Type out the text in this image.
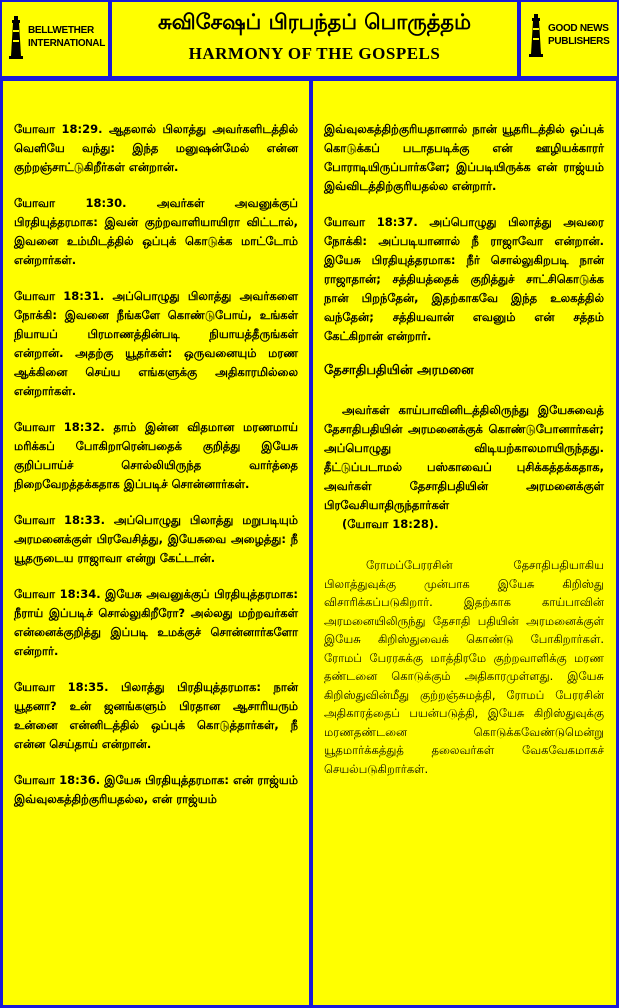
BELLWETHER
INTERNATIONAL
சுவிசேஷப் பிரபந்தப் பொருத்தம்
HARMONY OF THE GOSPELS
GOOD NEWS
PUBLISHERS

யோவா 18:29. ஆதலால் பிலாத்து அவர்களிடத்தில் வெளியே வந்து: இந்த மனுஷன்மேல் என்ன குற்றஞ்சாட்டுகிறீர்கள் என்றான்.

யோவா 18:30. அவர்கள் அவனுக்குப் பிரதியுத்தரமாக: இவன் குற்றவாளியாயிரா விட்டால், இவனை உம்மிடத்தில் ஒப்புக் கொடுக்க மாட்டோம் என்றார்கள்.

யோவா 18:31. அப்பொழுது பிலாத்து அவர்களை நோக்கி: இவனை நீங்களே கொண்டுபோய், உங்கள் நியாயப் பிரமாணத்தின்படி நியாயத்தீருங்கள் என்றான். அதற்கு யூதர்கள்: ஒருவனையும் மரண ஆக்கினை செய்ய எங்களுக்கு அதிகாரமில்லை என்றார்கள்.

யோவா 18:32. தாம் இன்ன விதமான மரணமாய் மரிக்கப் போகிறாரென்பதைக் குறித்து இயேசு குறிப்பாய்ச் சொல்லியிருந்த வார்த்தை நிறைவேறத்தக்கதாக இப்படிச் சொன்னார்கள்.

யோவா 18:33. அப்பொழுது பிலாத்து மறுபடியும் அரமனைக்குள் பிரவேசித்து, இயேசுவை அழைத்து: நீ யூதருடைய ராஜாவா என்று கேட்டான்.

யோவா 18:34. இயேசு அவனுக்குப் பிரதியுத்தரமாக: நீராய் இப்படிச் சொல்லுகிறீரோ? அல்லது மற்றவர்கள் என்னைக்குறித்து இப்படி உமக்குச் சொன்னார்களோ என்றார்.

யோவா 18:35. பிலாத்து பிரதியுத்தரமாக: நான் யூதனா? உன் ஜனங்களும் பிரதான ஆசாரியரும் உன்னை என்னிடத்தில் ஒப்புக் கொடுத்தார்கள், நீ என்ன செய்தாய் என்றான்.

யோவா 18:36. இயேசு பிரதியுத்தரமாக: என் ராஜ்யம் இவ்வுலகத்திற்குரியதல்ல, என் ராஜ்யம்

இவ்வுலகத்திற்குரியதானால் நான் யூதரிடத்தில் ஒப்புக் கொடுக்கப் படாதபடிக்கு என் ஊழியக்காரர் போராடியிருப்பார்களே; இப்படியிருக்க என் ராஜ்யம் இவ்விடத்திற்குரியதல்ல என்றார்.

யோவா 18:37. அப்பொழுது பிலாத்து அவரை நோக்கி: அப்படியானால் நீ ராஜாவோ என்றான். இயேசு பிரதியுத்தரமாக: நீர் சொல்லுகிறபடி நான் ராஜாதான்; சத்தியத்தைக் குறித்துச் சாட்சிகொடுக்க நான் பிறந்தேன், இதற்காகவே இந்த உலகத்தில் வந்தேன்; சத்தியவான் எவனும் என் சத்தம் கேட்கிறான் என்றார்.

தேசாதிபதியின் அரமனை

அவர்கள் காய்பாவினிடத்திலிருந்து இயேசுவைத் தேசாதிபதியின் அரமனைக்குக் கொண்டுபோனார்கள்; அப்பொழுது விடியற்காலமாயிருந்தது. தீட்டுப்படாமல் பஸ்காவைப் புசிக்கத்தக்கதாக, அவர்கள் தேசாதிபதியின் அரமனைக்குள் பிரவேசியாதிருந்தார்கள்
(யோவா 18:28).

ரோமப்பேரரசின் தேசாதிபதியாகிய பிலாத்துவுக்கு முன்பாக இயேசு கிறிஸ்து விசாரிக்கப்படுகிறார். இதற்காக காய்பாவின் அரமனையிலிருந்து தேசாதி பதியின் அரமனைக்குள் இயேசு கிறிஸ்துவைக் கொண்டு போகிறார்கள். ரோமப் பேரரசுக்கு மாத்திரமே குற்றவாளிக்கு மரண தண்டனை கொடுக்கும் அதிகாரமுள்ளது. இயேசு கிறிஸ்துவின்மீது குற்றஞ்சுமத்தி, ரோமப் பேரரசின் அதிகாரத்தைப் பயன்படுத்தி, இயேசு கிறிஸ்துவுக்கு மரணதண்டனை கொடுக்கவேண்டுமென்று யூதமார்க்கத்துத் தலைவர்கள் வேகவேகமாகச் செயல்படுகிறார்கள்.
